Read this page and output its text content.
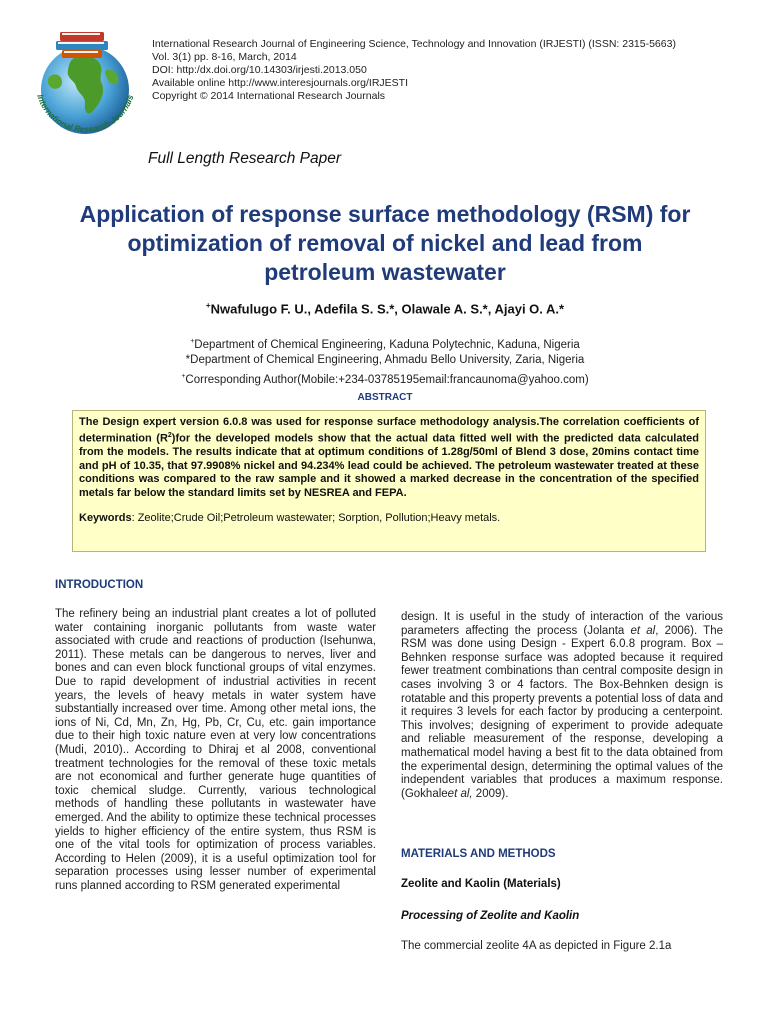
International Research Journals
International Research Journal of Engineering Science, Technology and Innovation (IRJESTI) (ISSN: 2315-5663)
Vol. 3(1) pp. 8-16, March, 2014
DOI: http:/dx.doi.org/10.14303/irjesti.2013.050
Available online http://www.interesjournals.org/IRJESTI
Copyright © 2014 International Research Journals
Full Length Research Paper
Application of response surface methodology (RSM) for
optimization of removal of nickel and lead from
petroleum wastewater
+Nwafulugo F. U., Adefila S. S.*, Olawale A. S.*, Ajayi O. A.*
+Department of Chemical Engineering, Kaduna Polytechnic, Kaduna, Nigeria
*Department of Chemical Engineering, Ahmadu Bello University, Zaria, Nigeria
+Corresponding Author(Mobile:+234-03785195email:francaunoma@yahoo.com)
ABSTRACT
The Design expert version 6.0.8 was used for response surface methodology analysis.The correlation coefficients of determination $(R^2)for$ the developed models show that the actual data fitted well with the predicted data calculated from the models. The results indicate that at optimum conditions of 1.28g/50ml of Blend 3 dose, 20mins contact time and pH of 10.35, that 97.9908% nickel and 94.234% lead could be achieved. The petroleum wastewater treated at these conditions was compared to the raw sample and it showed a marked decrease in the concentration of the specified metals far below the standard limits set by NESREA and FEPA.
Keywords: Zeolite;Crude Oil;Petroleum wastewater; Sorption, Pollution;Heavy metals.
INTRODUCTION
The refinery being an industrial plant creates a lot of polluted water containing inorganic pollutants from waste water associated with crude and reactions of production (Isehunwa, 2011). These metals can be dangerous to nerves, liver and bones and can even block functional groups of vital enzymes. Due to rapid development of industrial activities in recent years, the levels of heavy metals in water system have substantially increased over time. Among other metal ions, the ions of Ni, Cd, Mn, Zn, Hg, Pb, Cr, Cu, etc. gain importance due to their high toxic nature even at very low concentrations (Mudi, 2010).. According to Dhiraj et al 2008, conventional treatment technologies for the removal of these toxic metals are not economical and further generate huge quantities of toxic chemical sludge. Currently, various technological methods of handling these pollutants in wastewater have emerged. And the ability to optimize these technical processes yields to higher efficiency of the entire system, thus RSM is one of the vital tools for optimization of process variables. According to Helen (2009), it is a useful optimization tool for separation processes using lesser number of experimental runs planned according to RSM generated experimental
design. It is useful in the study of interaction of the various parameters affecting the process (Jolanta et al, 2006). The RSM was done using Design - Expert 6.0.8 program. Box – Behnken response surface was adopted because it required fewer treatment combinations than central composite design in cases involving 3 or 4 factors. The Box-Behnken design is rotatable and this property prevents a potential loss of data and it requires 3 levels for each factor by producing a centerpoint. This involves; designing of experiment to provide adequate and reliable measurement of the response, developing a mathematical model having a best fit to the data obtained from the experimental design, determining the optimal values of the independent variables that produces a maximum response. (Gokhaleet al, 2009).
MATERIALS AND METHODS
Zeolite and Kaolin (Materials)
Processing of Zeolite and Kaolin
The commercial zeolite 4A as depicted in Figure 2.1a
